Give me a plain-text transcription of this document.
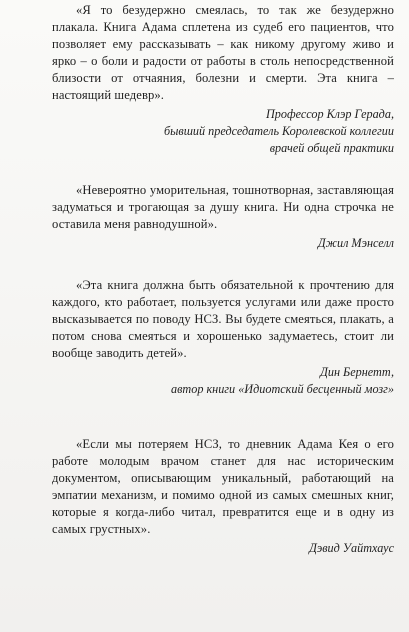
«Я то безудержно смеялась, то так же безудержно плакала. Книга Адама сплетена из судеб его пациентов, что позволяет ему рассказывать – как никому другому живо и ярко – о боли и радости от работы в столь непосредственной близости от отчаяния, болезни и смерти. Эта книга – настоящий шедевр».

Профессор Клэр Герада,
бывший председатель Королевской коллегии
врачей общей практики

«Невероятно уморительная, тошнотворная, заставляющая задуматься и трогающая за душу книга. Ни одна строчка не оставила меня равнодушной».

Джил Мэнселл

«Эта книга должна быть обязательной к прочтению для каждого, кто работает, пользуется услугами или даже просто высказывается по поводу НСЗ. Вы будете смеяться, плакать, а потом снова смеяться и хорошенько задумаетесь, стоит ли вообще заводить детей».

Дин Бернетт,
автор книги «Идиотский бесценный мозг»

«Если мы потеряем НСЗ, то дневник Адама Кея о его работе молодым врачом станет для нас историческим документом, описывающим уникальный, работающий на эмпатии механизм, и помимо одной из самых смешных книг, которые я когда-либо читал, превратится еще и в одну из самых грустных».

Дэвид Уайтхаус
